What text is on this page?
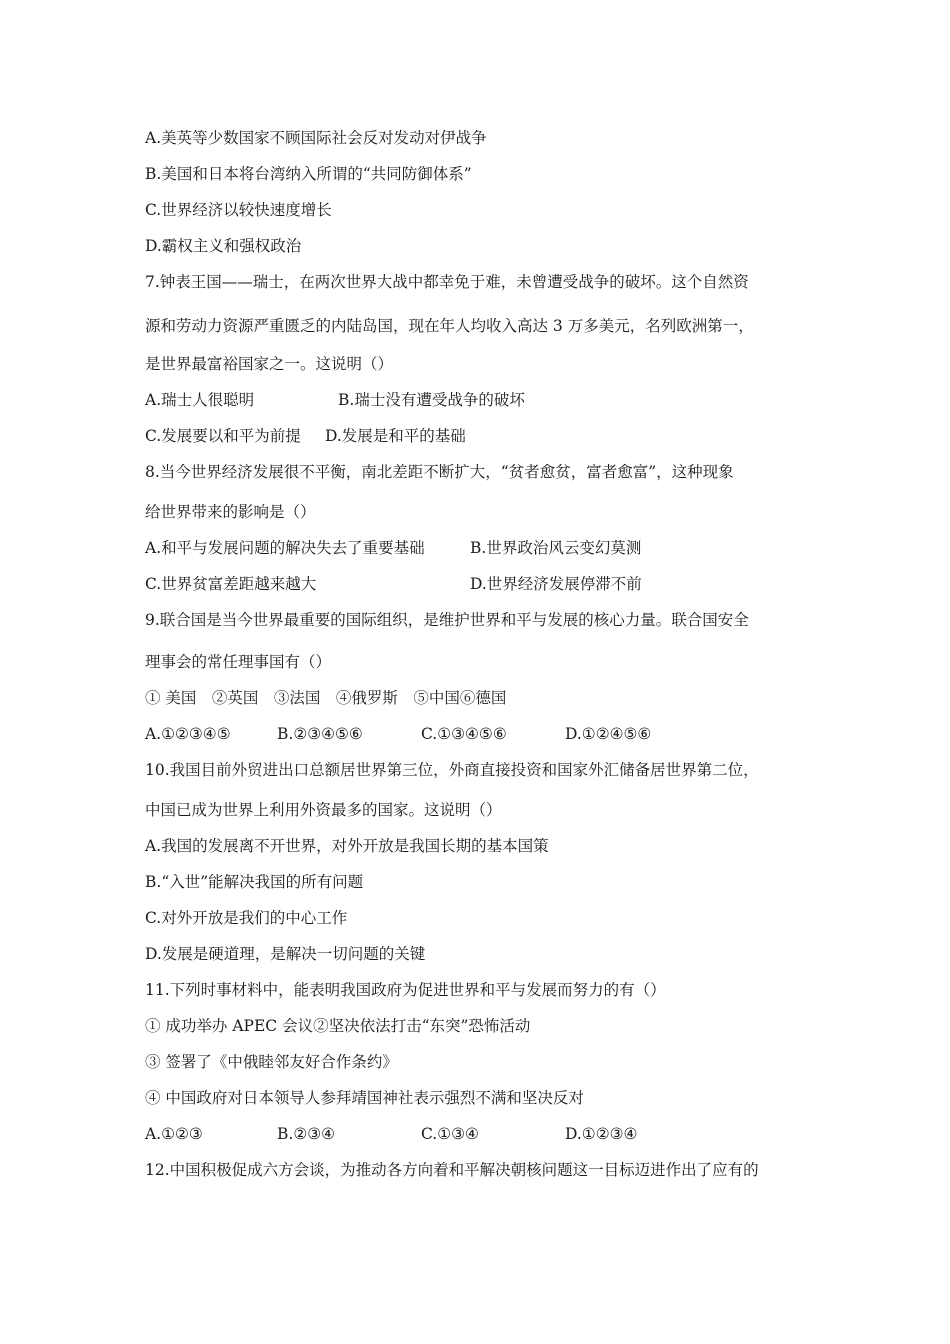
A.美英等少数国家不顾国际社会反对发动对伊战争
B.美国和日本将台湾纳入所谓的“共同防御体系”
C.世界经济以较快速度增长
D.霸权主义和强权政治
7.钟表王国——瑞士，在两次世界大战中都幸免于难，未曾遭受战争的破坏。这个自然资
源和劳动力资源严重匮乏的内陆岛国，现在年人均收入高达 3 万多美元，名列欧洲第一，
是世界最富裕国家之一。这说明（）
A.瑞士人很聪明	B.瑞士没有遭受战争的破坏
C.发展要以和平为前提 D.发展是和平的基础
8.当今世界经济发展很不平衡，南北差距不断扩大，“贫者愈贫，富者愈富”，这种现象
给世界带来的影响是（）
A.和平与发展问题的解决失去了重要基础	B.世界政治风云变幻莫测
C.世界贫富差距越来越大	D.世界经济发展停滞不前
9.联合国是当今世界最重要的国际组织，是维护世界和平与发展的核心力量。联合国安全
理事会的常任理事国有（）
① 美国　②英国　③法国　④俄罗斯　⑤中国⑥德国
A.①②③④⑤	B.②③④⑤⑥	C.①③④⑤⑥	D.①②④⑤⑥
10.我国目前外贸进出口总额居世界第三位，外商直接投资和国家外汇储备居世界第二位，
中国已成为世界上利用外资最多的国家。这说明（）
A.我国的发展离不开世界，对外开放是我国长期的基本国策
B.“入世”能解决我国的所有问题
C.对外开放是我们的中心工作
D.发展是硬道理，是解决一切问题的关键
11.下列时事材料中，能表明我国政府为促进世界和平与发展而努力的有（）
① 成功举办 APEC 会议②坚决依法打击“东突”恐怖活动
③ 签署了《中俄睦邻友好合作条约》
④ 中国政府对日本领导人参拜靖国神社表示强烈不满和坚决反对
A.①②③	B.②③④	C.①③④	D.①②③④
12.中国积极促成六方会谈，为推动各方向着和平解决朝核问题这一目标迈进作出了应有的
